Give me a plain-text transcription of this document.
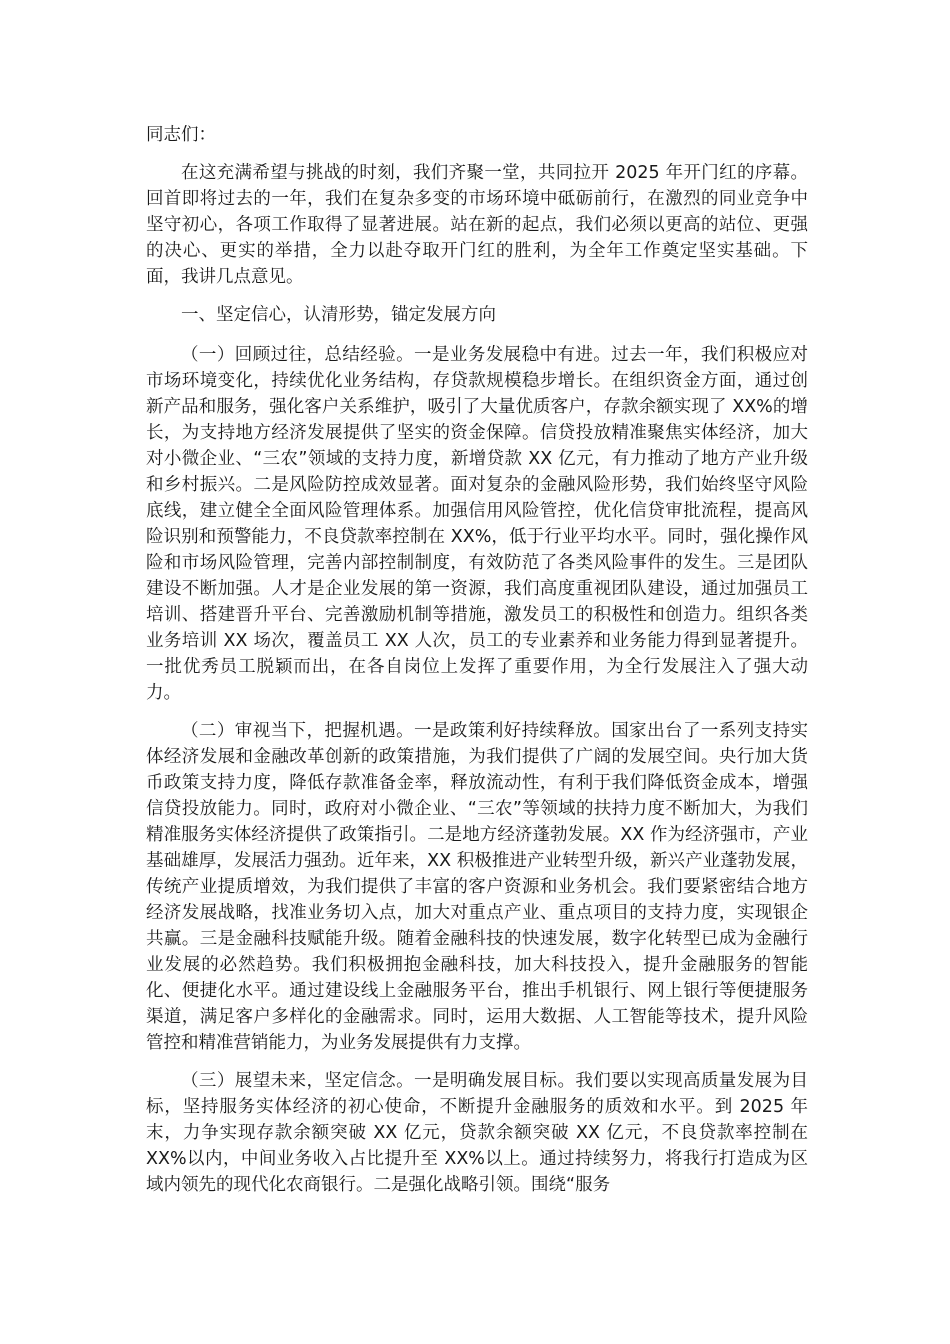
同志们：

在这充满希望与挑战的时刻，我们齐聚一堂，共同拉开 2025 年开门红的序幕。回首即将过去的一年，我们在复杂多变的市场环境中砥砺前行，在激烈的同业竞争中坚守初心，各项工作取得了显著进展。站在新的起点，我们必须以更高的站位、更强的决心、更实的举措，全力以赴夺取开门红的胜利，为全年工作奠定坚实基础。下面，我讲几点意见。

一、坚定信心，认清形势，锚定发展方向

（一）回顾过往，总结经验。一是业务发展稳中有进。过去一年，我们积极应对市场环境变化，持续优化业务结构，存贷款规模稳步增长。在组织资金方面，通过创新产品和服务，强化客户关系维护，吸引了大量优质客户，存款余额实现了 XX%的增长，为支持地方经济发展提供了坚实的资金保障。信贷投放精准聚焦实体经济，加大对小微企业、“三农”领域的支持力度，新增贷款 XX 亿元，有力推动了地方产业升级和乡村振兴。二是风险防控成效显著。面对复杂的金融风险形势，我们始终坚守风险底线，建立健全全面风险管理体系。加强信用风险管控，优化信贷审批流程，提高风险识别和预警能力，不良贷款率控制在 XX%，低于行业平均水平。同时，强化操作风险和市场风险管理，完善内部控制制度，有效防范了各类风险事件的发生。三是团队建设不断加强。人才是企业发展的第一资源，我们高度重视团队建设，通过加强员工培训、搭建晋升平台、完善激励机制等措施，激发员工的积极性和创造力。组织各类业务培训 XX 场次，覆盖员工 XX 人次，员工的专业素养和业务能力得到显著提升。一批优秀员工脱颖而出，在各自岗位上发挥了重要作用，为全行发展注入了强大动力。

（二）审视当下，把握机遇。一是政策利好持续释放。国家出台了一系列支持实体经济发展和金融改革创新的政策措施，为我们提供了广阔的发展空间。央行加大货币政策支持力度，降低存款准备金率，释放流动性，有利于我们降低资金成本，增强信贷投放能力。同时，政府对小微企业、“三农”等领域的扶持力度不断加大，为我们精准服务实体经济提供了政策指引。二是地方经济蓬勃发展。XX 作为经济强市，产业基础雄厚，发展活力强劲。近年来，XX 积极推进产业转型升级，新兴产业蓬勃发展，传统产业提质增效，为我们提供了丰富的客户资源和业务机会。我们要紧密结合地方经济发展战略，找准业务切入点，加大对重点产业、重点项目的支持力度，实现银企共赢。三是金融科技赋能升级。随着金融科技的快速发展，数字化转型已成为金融行业发展的必然趋势。我们积极拥抱金融科技，加大科技投入，提升金融服务的智能化、便捷化水平。通过建设线上金融服务平台，推出手机银行、网上银行等便捷服务渠道，满足客户多样化的金融需求。同时，运用大数据、人工智能等技术，提升风险管控和精准营销能力，为业务发展提供有力支撑。

（三）展望未来，坚定信念。一是明确发展目标。我们要以实现高质量发展为目标，坚持服务实体经济的初心使命，不断提升金融服务的质效和水平。到 2025 年末，力争实现存款余额突破 XX 亿元，贷款余额突破 XX 亿元，不良贷款率控制在 XX%以内，中间业务收入占比提升至 XX%以上。通过持续努力，将我行打造成为区域内领先的现代化农商银行。二是强化战略引领。围绕“服务
